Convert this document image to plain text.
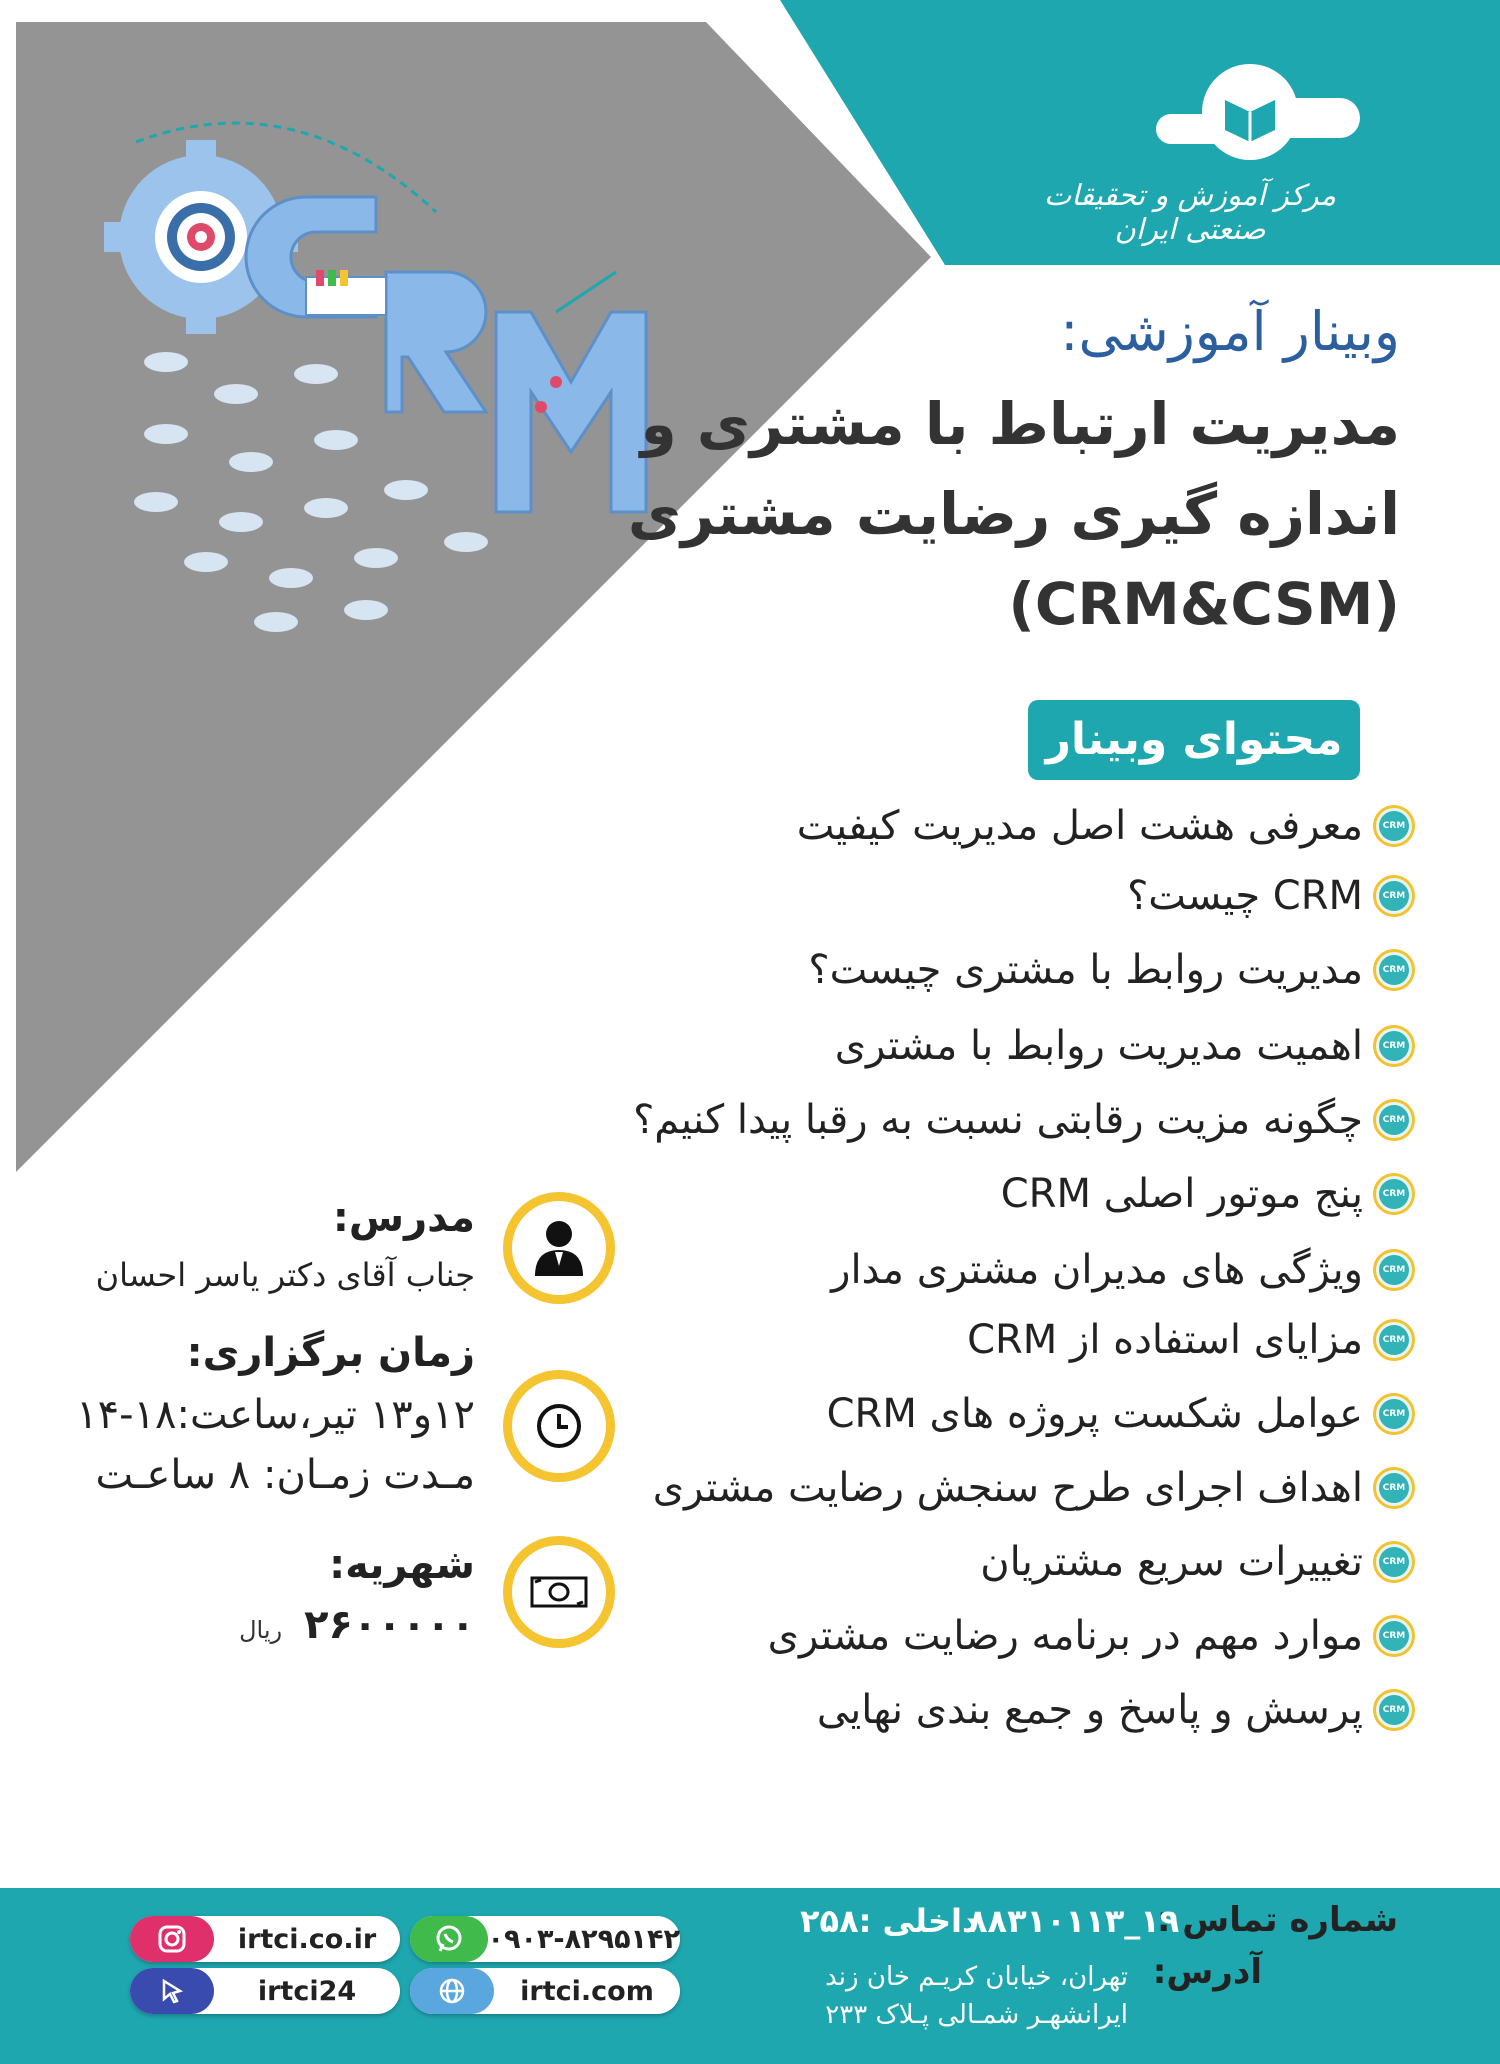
مرکز آموزش و تحقیقات صنعتی ایران
وبینار آموزشی:
مدیریت ارتباط با مشتری و
اندازه گیری رضایت مشتری
(CRM&CSM)
محتوای وبینار
CRM
معرفی هشت اصل مدیریت کیفیت
CRM
CRM چیست؟
CRM
مدیریت روابط با مشتری چیست؟
CRM
اهمیت مدیریت روابط با مشتری
CRM
چگونه مزیت رقابتی نسبت به رقبا پیدا کنیم؟
CRM
پنج موتور اصلی CRM
CRM
ویژگی های مدیران مشتری مدار
CRM
مزایای استفاده از CRM
CRM
عوامل شکست پروژه های CRM
CRM
اهداف اجرای طرح سنجش رضایت مشتری
CRM
تغییرات سریع مشتریان
CRM
موارد مهم در برنامه رضایت مشتری
CRM
پرسش و پاسخ و جمع بندی نهایی
مدرس:
جناب آقای دکتر یاسر احسان
زمان برگزاری:
۱۲و۱۳ تیر،ساعت:۱۸-۱۴
مـدت زمـان: ۸ ساعـت
شهریه:
۲۶۰۰۰۰۰
ریال
شماره تماس :
۸۸۳۱۰۱۱۳_۱۹
داخلی :۲۵۸
آدرس:
تهران، خیابان کریـم خان زند
ایرانشهـر شمـالی پـلاک ۲۳۳
irtci.co.ir	۰۹۰۳-۸۲۹۵۱۴۲
irtci24	irtci.com
